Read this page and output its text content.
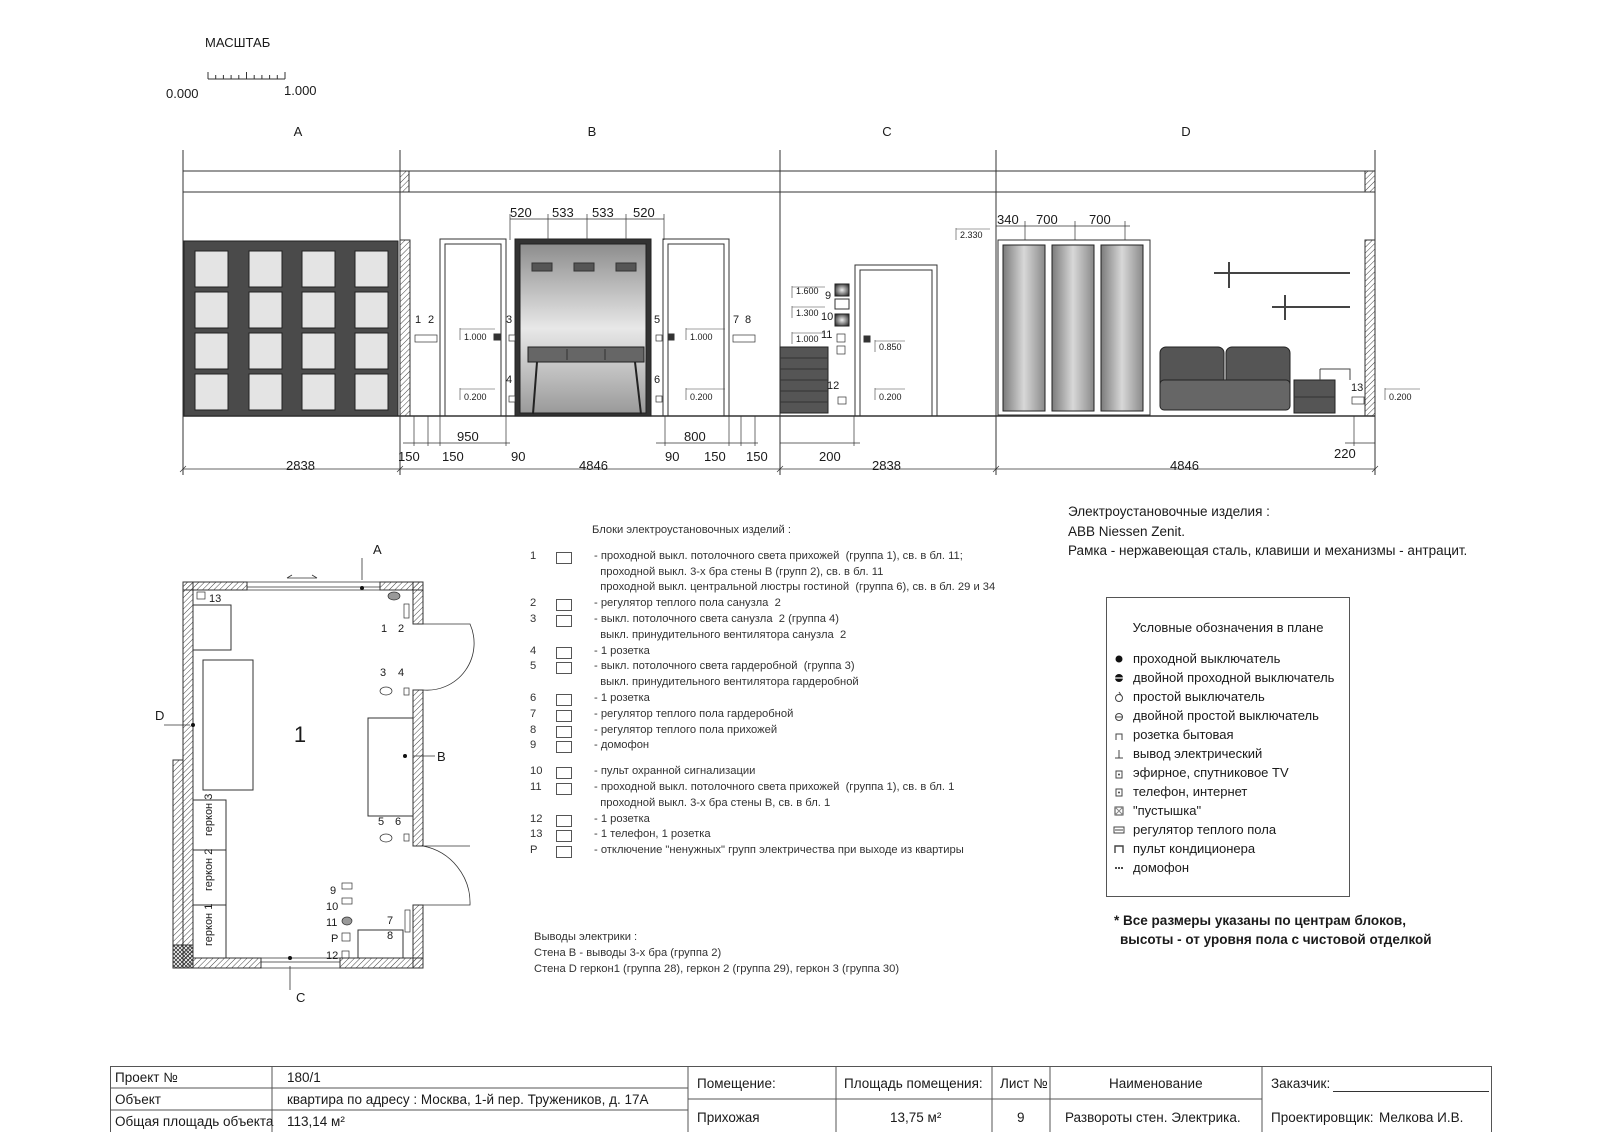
МАСШТАБ
0.000	1.000
A	B	C	D
1.000
0.200
1.000
0.200
1.600
1.300
1.000
0.850
0.200
2.330
0.200
1 2	3
4
5
6
7 8
9
10
11
12	13
520 533 533 520	340 700 700
150 150
950
90
800
90 150 150	200	220
2838	4846	2838	4846
1
геркон 3
геркон 2
геркон 1
A
D
B
C
13
1 2
3 4
5 6
7
8
9
10
11
P
12
Блоки электроустановочных изделий :
1	- проходной выкл. потолочного света прихожей  (группа 1), св. в бл. 11;
проходной выкл. 3-х бра стены В (групп 2), св. в бл. 11
проходной выкл. центральной люстры гостиной  (группа 6), св. в бл. 29 и 34
2	- регулятор теплого пола санузла  2
3	- выкл. потолочного света санузла  2 (группа 4)
выкл. принудительного вентилятора санузла  2
4	- 1 розетка
5	- выкл. потолочного света гардеробной  (группа 3)
выкл. принудительного вентилятора гардеробной
6	- 1 розетка
7	- регулятор теплого пола гардеробной
8	- регулятор теплого пола прихожей
9	- домофон
10	- пульт охранной сигнализации
11	- проходной выкл. потолочного света прихожей  (группа 1), св. в бл. 1
проходной выкл. 3-х бра стены В, св. в бл. 1
12	- 1 розетка
13	- 1 телефон, 1 розетка
P	- отключение "ненужных" групп электричества при выходе из квартиры
Выводы электрики :
Стена В - выводы 3-х бра (группа 2)
Стена D геркон1 (группа 28), геркон 2 (группа 29), геркон 3 (группа 30)
Электроустановочные изделия :
ABB Niessen Zenit.
Рамка - нержавеющая сталь, клавиши и механизмы - антрацит.
Условные обозначения в плане
проходной выключатель
двойной проходной выключатель
простой выключатель
двойной простой выключатель
розетка бытовая
вывод электрический
эфирное, спутниковое TV
телефон, интернет
"пустышка"
регулятор теплого пола
пульт кондиционера
домофон
* Все размеры указаны по центрам блоков,
высоты - от уровня пола с чистовой отделкой
Проект №	180/1
Объект	квартира по адресу : Москва, 1-й пер. Тружеников, д. 17А
Общая площадь объекта 113,14 м²
Помещение:
Прихожая
Площадь помещения:
13,75 м²
Лист №
9
Наименование
Развороты стен. Электрика.
Заказчик:
Проектировщик: Мелкова И.В.
